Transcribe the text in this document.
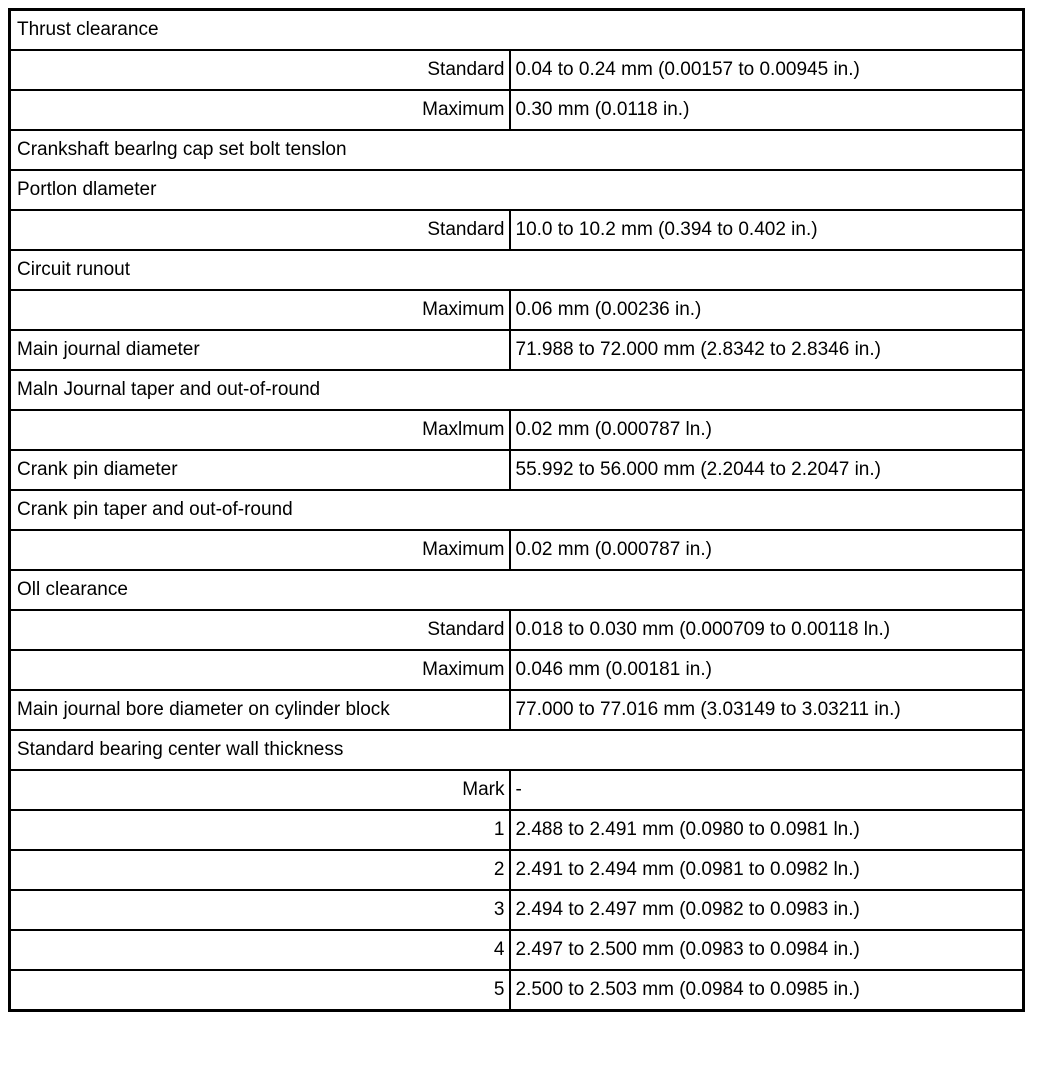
Thrust clearance	
Standard	0.04 to 0.24 mm (0.00157 to 0.00945 in.)
Maximum	0.30 mm (0.0118 in.)
Crankshaft bearlng cap set bolt tenslon	
Portlon dlameter	
Standard	10.0 to 10.2 mm (0.394 to 0.402 in.)
Circuit runout	
Maximum	0.06 mm (0.00236 in.)
Main journal diameter	71.988 to 72.000 mm (2.8342 to 2.8346 in.)
Maln Journal taper and out-of-round	
Maxlmum	0.02 mm (0.000787 ln.)
Crank pin diameter	55.992 to 56.000 mm (2.2044 to 2.2047 in.)
Crank pin taper and out-of-round	
Maximum	0.02 mm (0.000787 in.)
Oll clearance	
Standard	0.018 to 0.030 mm (0.000709 to 0.00118 ln.)
Maximum	0.046 mm (0.00181 in.)
Main journal bore diameter on cylinder block	77.000 to 77.016 mm (3.03149 to 3.03211 in.)
Standard bearing center wall thickness	
Mark	-
1	2.488 to 2.491 mm (0.0980 to 0.0981 ln.)
2	2.491 to 2.494 mm (0.0981 to 0.0982 ln.)
3	2.494 to 2.497 mm (0.0982 to 0.0983 in.)
4	2.497 to 2.500 mm (0.0983 to 0.0984 in.)
5	2.500 to 2.503 mm (0.0984 to 0.0985 in.)
